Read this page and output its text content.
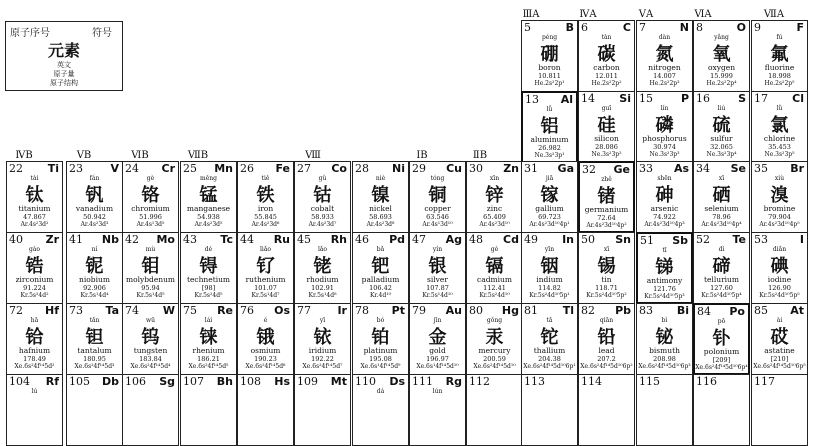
原子序号	符号
元素
英文
原子量
原子结构
ⅢA	ⅣA	ⅤA	ⅥA	ⅦA
ⅣB	ⅤB	ⅥB	ⅦB	Ⅷ	ⅠB	ⅡB
5	B
péng
硼
boron
10.811
He.2s²2p¹
6	C
tàn
碳
carbon
12.011
He.2s²2p²
7	N
dàn
氮
nitrogen
14.007
He.2s²2p³
8	O
yǎng
氧
oxygen
15.999
He.2s²2p⁴
9	F
fú
氟
fluorine
18.998
He.2s²2p⁵
13 Al
lǚ
铝
aluminum
26.982
Ne.3s²3p¹
14 Si
guī
硅
silicon
28.086
Ne.3s²3p²
15	P
lín
磷
phosphorus
30.974
Ne.3s²3p³
16	S
liú
硫
sulfur
32.065
Ne.3s²3p⁴
17 Cl
lǜ
氯
chlorine
35.453
Ne.3s²3p⁵
22 Ti
tài
钛
titanium
47.867
Ar.4s²3d²
23 V
fán
钒
vanadium
50.942
Ar.4s²3d³
24 Cr
gè
铬
chromium
51.996
Ar.4s¹3d⁵
25 Mn
měng
锰
manganese
54.938
Ar.4s²3d⁵
26 Fe
tiě
铁
iron
55.845
Ar.4s²3d⁶
27 Co
gǔ
钴
cobalt
58.933
Ar.4s²3d⁷
28 Ni
niè
镍
nickel
58.693
Ar.4s²3d⁸
29 Cu
tóng
铜
copper
63.546
Ar.4s¹3d¹⁰
30 Zn
xīn
锌
zinc
65.409
Ar.4s²3d¹⁰
31 Ga
jiā
镓
gallium
69.723
Ar.4s²3d¹⁰4p¹
32 Ge
zhě
锗
germanium
72.64
Ar.4s²3d¹⁰4p²
33 As
shēn
砷
arsenic
74.922
Ar.4s²3d¹⁰4p³
34 Se
xī
硒
selenium
78.96
Ar.4s²3d¹⁰4p⁴
35 Br
xiù
溴
bromine
79.904
Ar.4s²3d¹⁰4p⁵
40 Zr
gào
锆
zirconium
91.224
Kr.5s²4d²
41 Nb
ní
铌
niobium
92.906
Kr.5s¹4d⁴
42 Mo
mù
钼
molybdenum
95.94
Kr.5s¹4d⁵
43 Tc
dé
锝
technetium
[98]
Kr.5s²4d⁵
44 Ru
liǎo
钌
ruthenium
101.07
Kr.5s¹4d⁷
45 Rh
lǎo
铑
rhodium
102.91
Kr.5s¹4d⁸
46 Pd
bǎ
钯
palladium
106.42
Kr.4d¹⁰
47 Ag
yín
银
silver
107.87
Kr.5s¹4d¹⁰
48 Cd
gé
镉
cadmium
112.41
Kr.5s²4d¹⁰
49 In
yīn
铟
indium
114.82
Kr.5s²4d¹⁰5p¹
50 Sn
xī
锡
tin
118.71
Kr.5s²4d¹⁰5p²
51 Sb
tī
锑
antimony
121.76
Kr.5s²4d¹⁰5p³
52 Te
dì
碲
tellurium
127.60
Kr.5s²4d¹⁰5p⁴
53	I
diǎn
碘
iodine
126.90
Kr.5s²4d¹⁰5p⁵
72 Hf
hā
铪
hafnium
178.49
Xe.6s²4f¹⁴5d²
73 Ta
tǎn
钽
tantalum
180.95
Xe.6s²4f¹⁴5d³
74 W
wū
钨
tungsten
183.84
Xe.6s²4f¹⁴5d⁴
75 Re
lái
铼
rhenium
186.21
Xe.6s²4f¹⁴5d⁵
76 Os
é
锇
osmium
190.23
Xe.6s²4f¹⁴5d⁶
77 Ir
yī
铱
iridium
192.22
Xe.6s²4f¹⁴5d⁷
78 Pt
bó
铂
platinum
195.08
Xe.6s¹4f¹⁴5d⁹
79 Au
jīn
金
gold
196.97
Xe.6s¹4f¹⁴5d¹⁰
80 Hg
gǒng
汞
mercury
200.59
Xe.6s²4f¹⁴5d¹⁰
81 Tl
tā
铊
thallium
204.38
Xe.6s²4f¹⁴5d¹⁰6p¹
82 Pb
qiān
铅
lead
207.2
Xe.6s²4f¹⁴5d¹⁰6p²
83 Bi
bì
铋
bismuth
208.98
Xe.6s²4f¹⁴5d¹⁰6p³
84 Po
pō
钋
polonium
[209]
Xe.6s²4f¹⁴5d¹⁰6p⁴
85 At
ài
砹
astatine
[210]
Xe.6s²4f¹⁴5d¹⁰6p⁵
104 Rf
lú
105 Db 106 Sg 107 Bh 108 Hs 109 Mt 110 Ds
dá
111 Rg
lún
112	113	114	115	116	117
